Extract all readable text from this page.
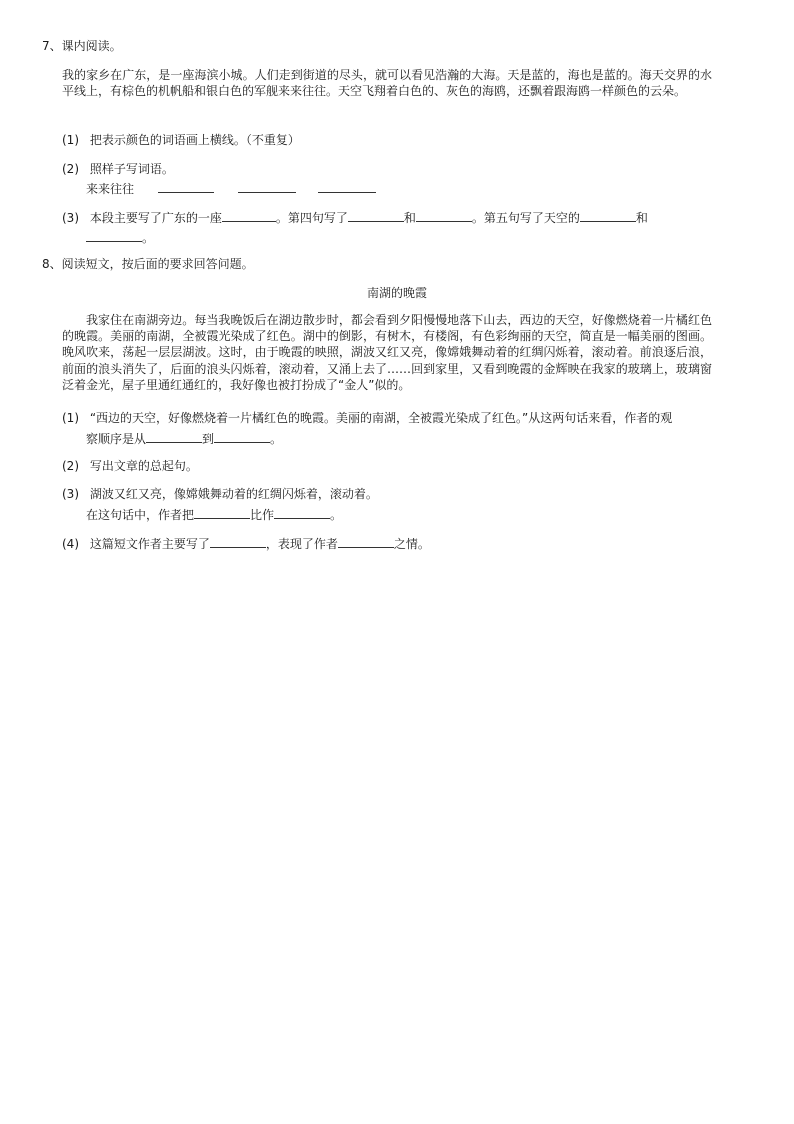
7、课内阅读。
我的家乡在广东，是一座海滨小城。人们走到街道的尽头，就可以看见浩瀚的大海。天是蓝的，海也是蓝的。海天交界的水平线上，有棕色的机帆船和银白色的军舰来来往往。天空飞翔着白色的、灰色的海鸥，还飘着跟海鸥一样颜色的云朵。
(1) 把表示颜色的词语画上横线。（不重复）
(2) 照样子写词语。
来来往往
(3) 本段主要写了广东的一座	。第四句写了	和	。第五句写了天空的	和
。
8、阅读短文，按后面的要求回答问题。
南湖的晚霞
我家住在南湖旁边。每当我晚饭后在湖边散步时，都会看到夕阳慢慢地落下山去，西边的天空，好像燃烧着一片橘红色的晚霞。美丽的南湖，全被霞光染成了红色。湖中的倒影，有树木，有楼阁，有色彩绚丽的天空，简直是一幅美丽的图画。晚风吹来，荡起一层层湖波。这时，由于晚霞的映照，湖波又红又亮，像嫦娥舞动着的红绸闪烁着，滚动着。前浪逐后浪，前面的浪头消失了，后面的浪头闪烁着，滚动着，又涌上去了……回到家里，又看到晚霞的金辉映在我家的玻璃上，玻璃窗泛着金光，屋子里通红通红的，我好像也被打扮成了“金人”似的。
(1) “西边的天空，好像燃烧着一片橘红色的晚霞。美丽的南湖，全被霞光染成了红色。”从这两句话来看，作者的观
察顺序是从	到	。
(2) 写出文章的总起句。
(3) 湖波又红又亮，像嫦娥舞动着的红绸闪烁着，滚动着。
在这句话中，作者把	比作	。
(4) 这篇短文作者主要写了	，表现了作者	之情。
